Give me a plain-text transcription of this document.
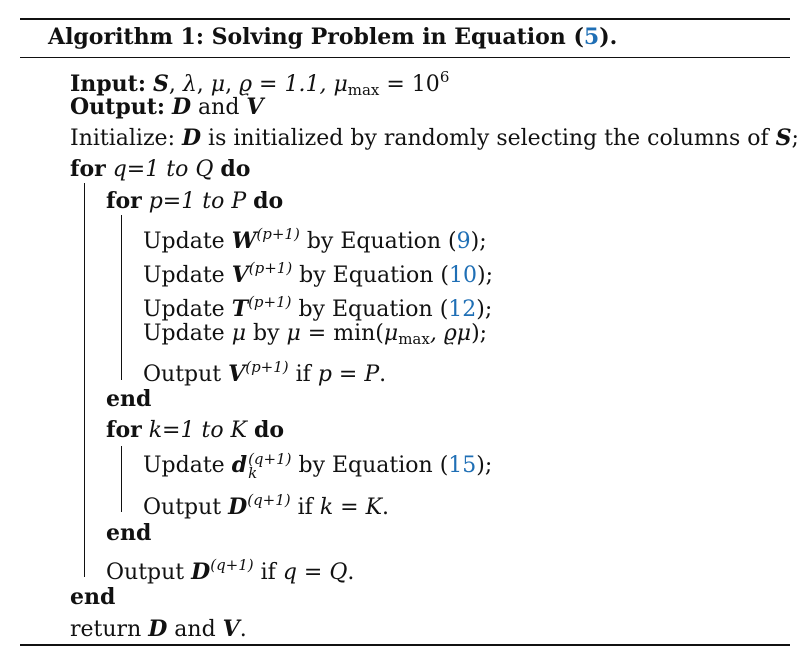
Algorithm 1: Solving Problem in Equation (5).
Input: S, λ, μ, ϱ = 1.1, $\mu_{max} = 10^6$
Output: D and V
Initialize: D is initialized by randomly selecting the columns of S;
for q=1 to Q do
for p=1 to P do
Update $W^{(p+1)}$ by Equation (9);
Update $V^{(p+1)}$ by Equation (10);
Update $T^{(p+1)}$ by Equation (12);
Update μ by $\mu = \min(\mu_{max}$, ϱμ);
Output $V^{(p+1)}$ if p = P.
end
for k=1 to K do
Update d (q+1)
k	by Equation (15);
Output $D^{(q+1)}$ if k = K.
end
Output $D^{(q+1)}$ if q = Q.
end
return D and V.
